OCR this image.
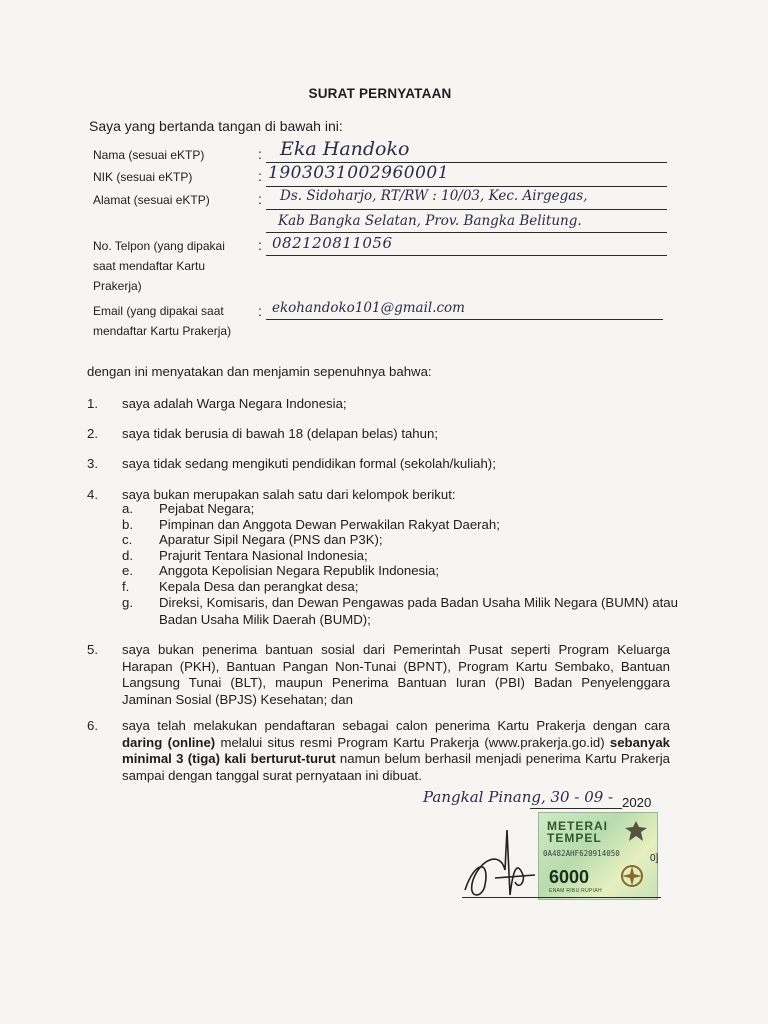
SURAT PERNYATAAN
Saya yang bertanda tangan di bawah ini:
Nama (sesuai eKTP)	: Eka Handoko
NIK (sesuai eKTP)	: 1903031002960001
Alamat (sesuai eKTP)	: Ds. Sidoharjo, RT/RW : 10/03, Kec. Airgegas,
Kab Bangka Selatan, Prov. Bangka Belitung.
No. Telpon (yang dipakai
saat mendaftar Kartu
Prakerja)
: 082120811056
Email (yang dipakai saat
mendaftar Kartu Prakerja)
: ekohandoko101@gmail.com
dengan ini menyatakan dan menjamin sepenuhnya bahwa:
1. saya adalah Warga Negara Indonesia;
2. saya tidak berusia di bawah 18 (delapan belas) tahun;
3. saya tidak sedang mengikuti pendidikan formal (sekolah/kuliah);
4. saya bukan merupakan salah satu dari kelompok berikut:
a. Pejabat Negara;
b. Pimpinan dan Anggota Dewan Perwakilan Rakyat Daerah;
c. Aparatur Sipil Negara (PNS dan P3K);
d. Prajurit Tentara Nasional Indonesia;
e. Anggota Kepolisian Negara Republik Indonesia;
f. Kepala Desa dan perangkat desa;
g. Direksi, Komisaris, dan Dewan Pengawas pada Badan Usaha Milik Negara (BUMN) atau Badan Usaha Milik Daerah (BUMD);
5. saya bukan penerima bantuan sosial dari Pemerintah Pusat seperti Program Keluarga Harapan (PKH), Bantuan Pangan Non-Tunai (BPNT), Program Kartu Sembako, Bantuan Langsung Tunai (BLT), maupun Penerima Bantuan Iuran (PBI) Badan Penyelenggara Jaminan Sosial (BPJS) Kesehatan; dan
6. saya telah melakukan pendaftaran sebagai calon penerima Kartu Prakerja dengan cara daring (online) melalui situs resmi Program Kartu Prakerja (www.prakerja.go.id) sebanyak minimal 3 (tiga) kali berturut-turut namun belum berhasil menjadi penerima Kartu Prakerja sampai dengan tanggal surat pernyataan ini dibuat.
Pangkal Pinang, 30 - 09 - 2020
METERAI
TEMPEL
0A482AHF620914050
6000
ENAM RIBU RUPIAH
0]
